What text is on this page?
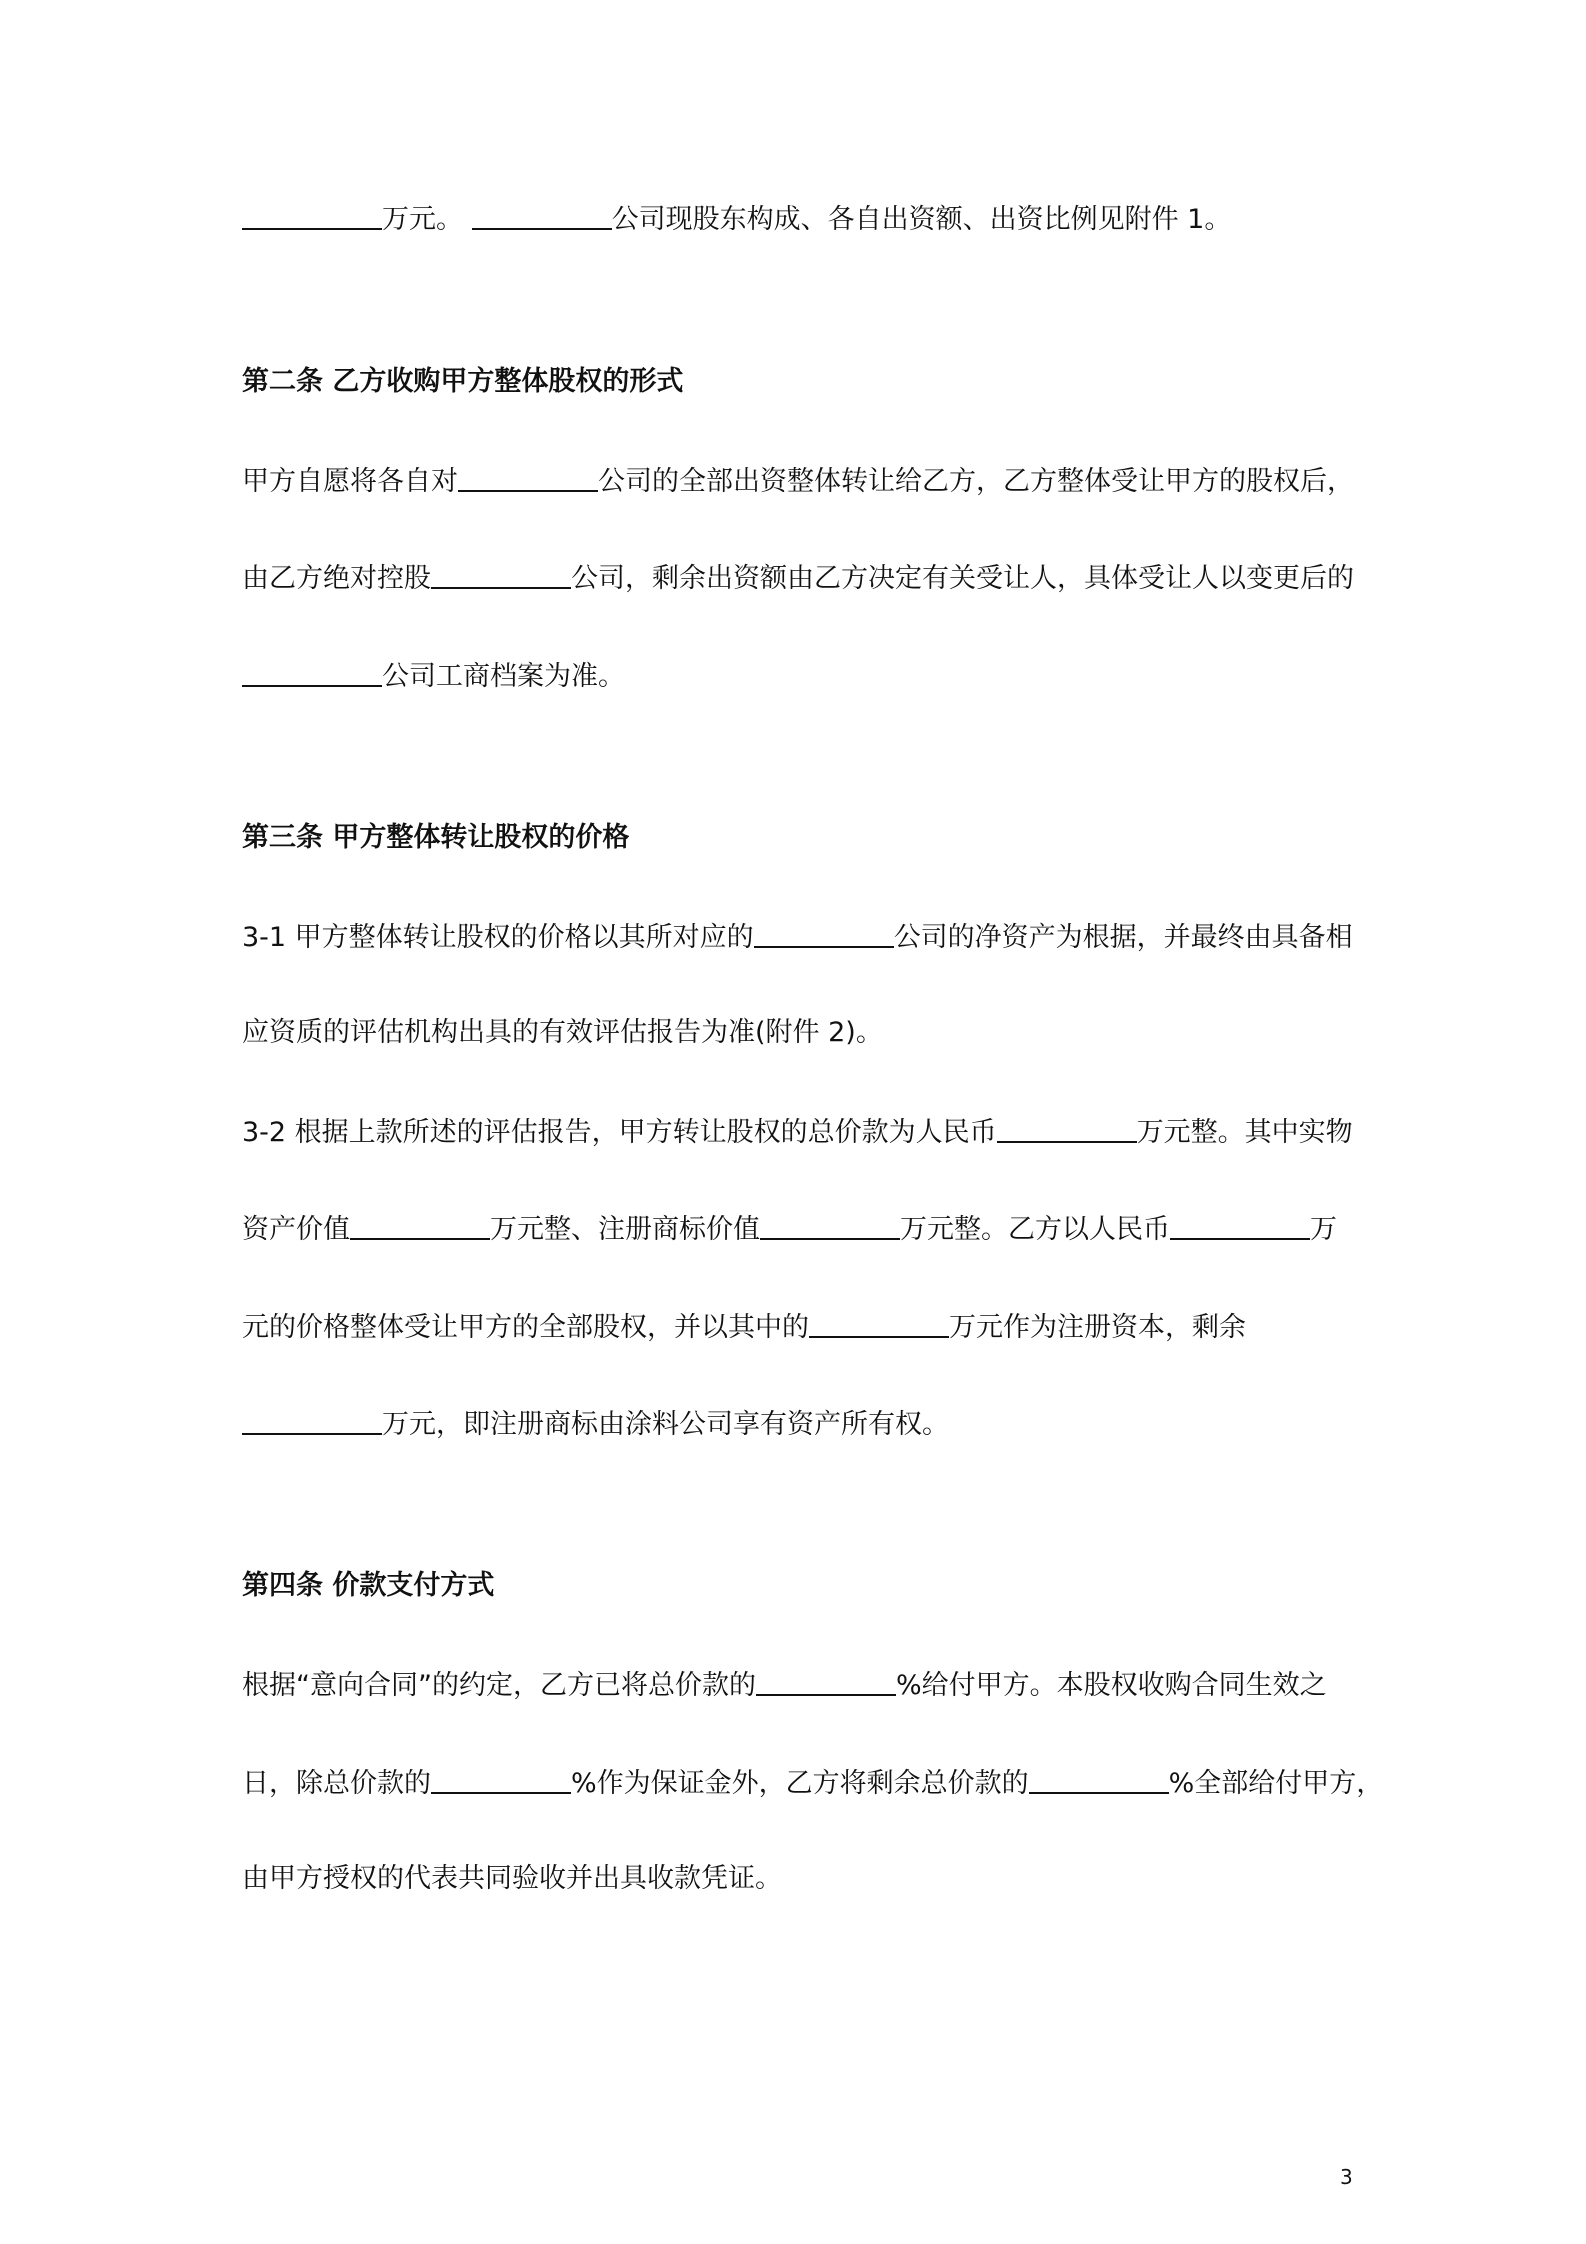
万元。	公司现股东构成、各自出资额、出资比例见附件 1。
第二条 乙方收购甲方整体股权的形式
甲方自愿将各自对	公司的全部出资整体转让给乙方，乙方整体受让甲方的股权后，
由乙方绝对控股	公司，剩余出资额由乙方决定有关受让人，具体受让人以变更后的
公司工商档案为准。
第三条 甲方整体转让股权的价格
3-1 甲方整体转让股权的价格以其所对应的	公司的净资产为根据，并最终由具备相
应资质的评估机构出具的有效评估报告为准(附件 2)。
3-2 根据上款所述的评估报告，甲方转让股权的总价款为人民币	万元整。其中实物
资产价值	万元整、注册商标价值	万元整。乙方以人民币	万
元的价格整体受让甲方的全部股权，并以其中的	万元作为注册资本，剩余
万元，即注册商标由涂料公司享有资产所有权。
第四条 价款支付方式
根据“意向合同”的约定，乙方已将总价款的	%给付甲方。本股权收购合同生效之
日，除总价款的	%作为保证金外，乙方将剩余总价款的	%全部给付甲方，
由甲方授权的代表共同验收并出具收款凭证。
3
